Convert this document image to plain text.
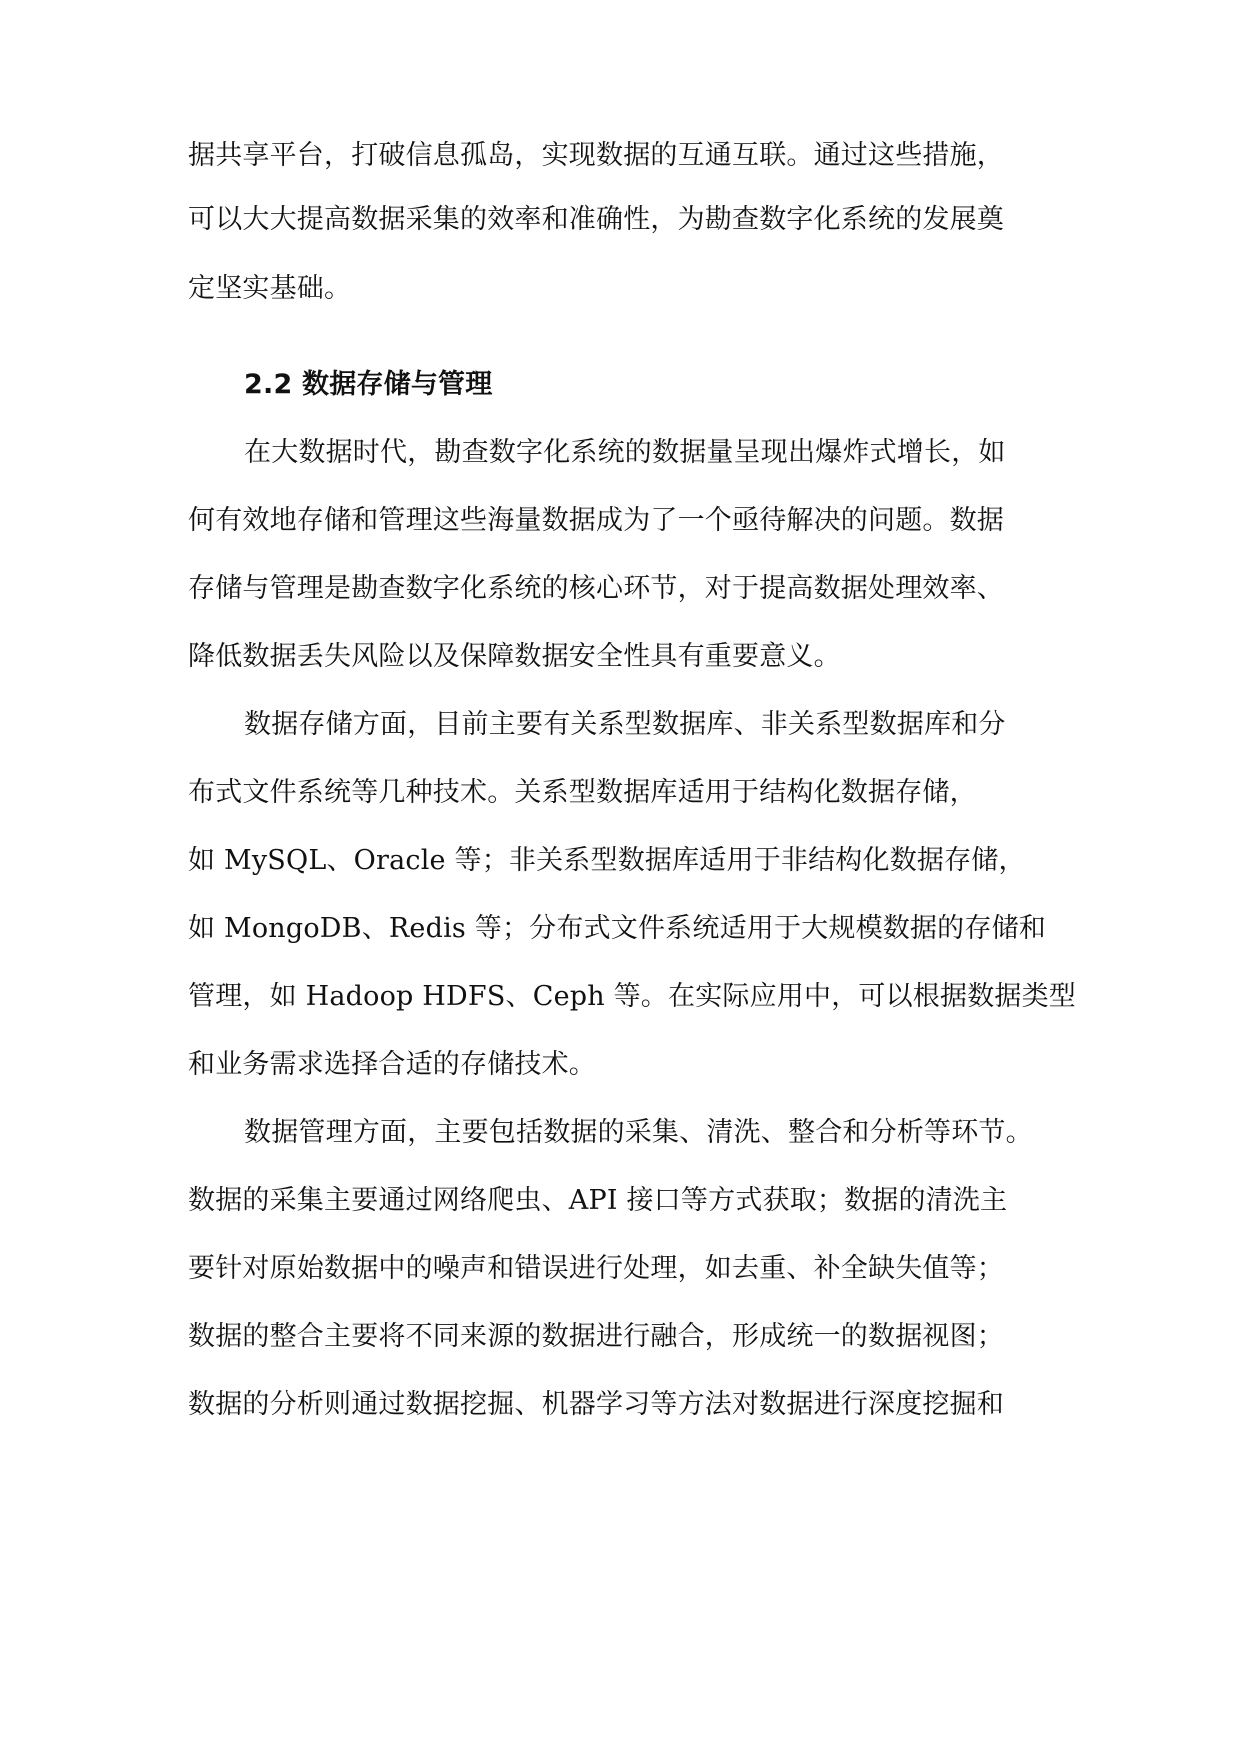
据共享平台，打破信息孤岛，实现数据的互通互联。通过这些措施，
可以大大提高数据采集的效率和准确性，为勘查数字化系统的发展奠
定坚实基础。
2.2 数据存储与管理
在大数据时代，勘查数字化系统的数据量呈现出爆炸式增长，如
何有效地存储和管理这些海量数据成为了一个亟待解决的问题。数据
存储与管理是勘查数字化系统的核心环节，对于提高数据处理效率、
降低数据丢失风险以及保障数据安全性具有重要意义。
数据存储方面，目前主要有关系型数据库、非关系型数据库和分
布式文件系统等几种技术。关系型数据库适用于结构化数据存储，
如 MySQL、Oracle 等；非关系型数据库适用于非结构化数据存储，
如 MongoDB、Redis 等；分布式文件系统适用于大规模数据的存储和
管理，如 Hadoop HDFS、Ceph 等。在实际应用中，可以根据数据类型
和业务需求选择合适的存储技术。
数据管理方面，主要包括数据的采集、清洗、整合和分析等环节。
数据的采集主要通过网络爬虫、API 接口等方式获取；数据的清洗主
要针对原始数据中的噪声和错误进行处理，如去重、补全缺失值等；
数据的整合主要将不同来源的数据进行融合，形成统一的数据视图；
数据的分析则通过数据挖掘、机器学习等方法对数据进行深度挖掘和
